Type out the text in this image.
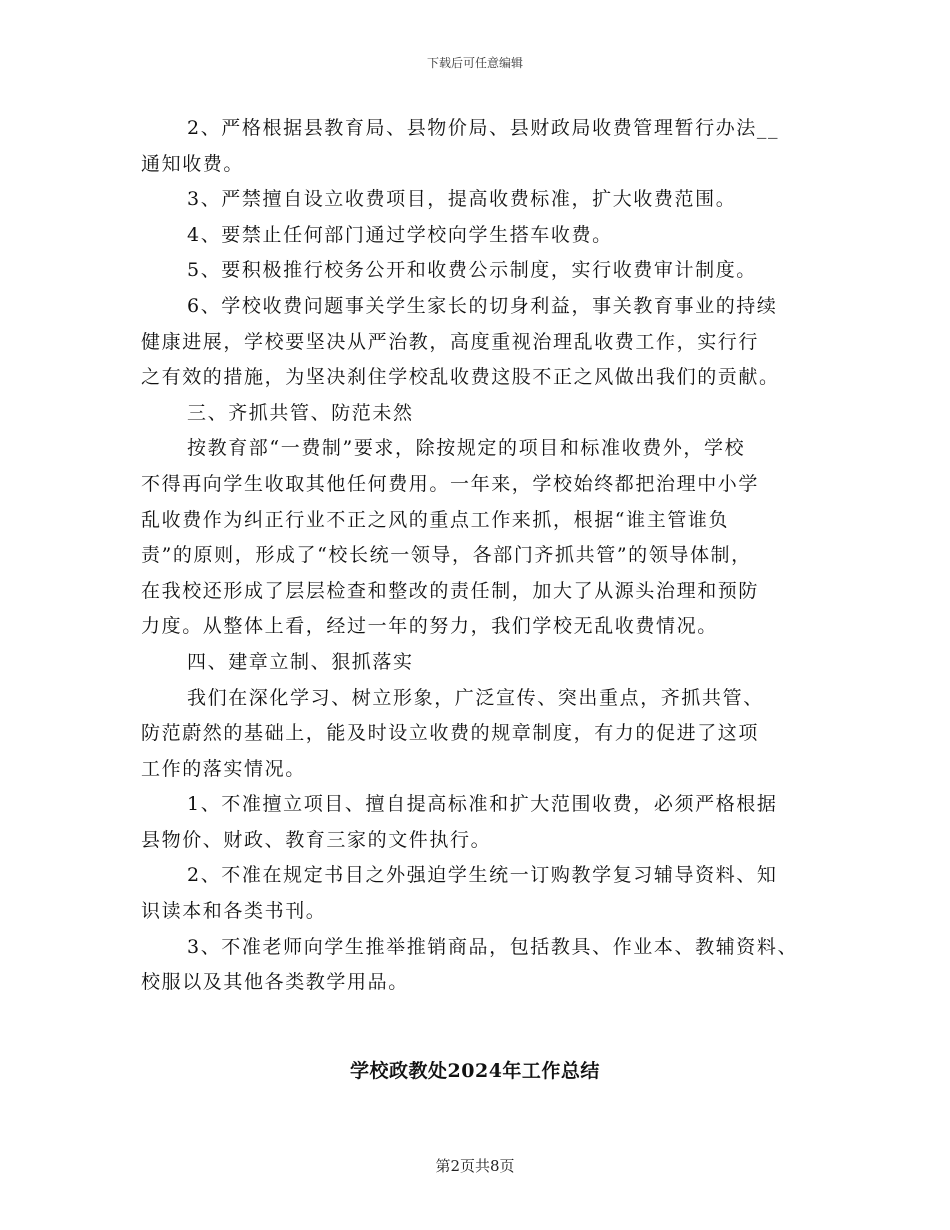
下载后可任意编辑

2、严格根据县教育局、县物价局、县财政局收费管理暂行办法__

通知收费。

3、严禁擅自设立收费项目，提高收费标准，扩大收费范围。

4、要禁止任何部门通过学校向学生搭车收费。

5、要积极推行校务公开和收费公示制度，实行收费审计制度。

6、学校收费问题事关学生家长的切身利益，事关教育事业的持续

健康进展，学校要坚决从严治教，高度重视治理乱收费工作，实行行

之有效的措施，为坚决刹住学校乱收费这股不正之风做出我们的贡献。

三、齐抓共管、防范未然

按教育部“一费制”要求，除按规定的项目和标准收费外，学校

不得再向学生收取其他任何费用。一年来，学校始终都把治理中小学

乱收费作为纠正行业不正之风的重点工作来抓，根据“谁主管谁负

责”的原则，形成了“校长统一领导，各部门齐抓共管”的领导体制，

在我校还形成了层层检查和整改的责任制，加大了从源头治理和预防

力度。从整体上看，经过一年的努力，我们学校无乱收费情况。

四、建章立制、狠抓落实

我们在深化学习、树立形象，广泛宣传、突出重点，齐抓共管、

防范蔚然的基础上，能及时设立收费的规章制度，有力的促进了这项

工作的落实情况。

1、不准擅立项目、擅自提高标准和扩大范围收费，必须严格根据

县物价、财政、教育三家的文件执行。

2、不准在规定书目之外强迫学生统一订购教学复习辅导资料、知

识读本和各类书刊。

3、不准老师向学生推举推销商品，包括教具、作业本、教辅资料、

校服以及其他各类教学用品。

学校政教处2024年工作总结
第2页共8页
